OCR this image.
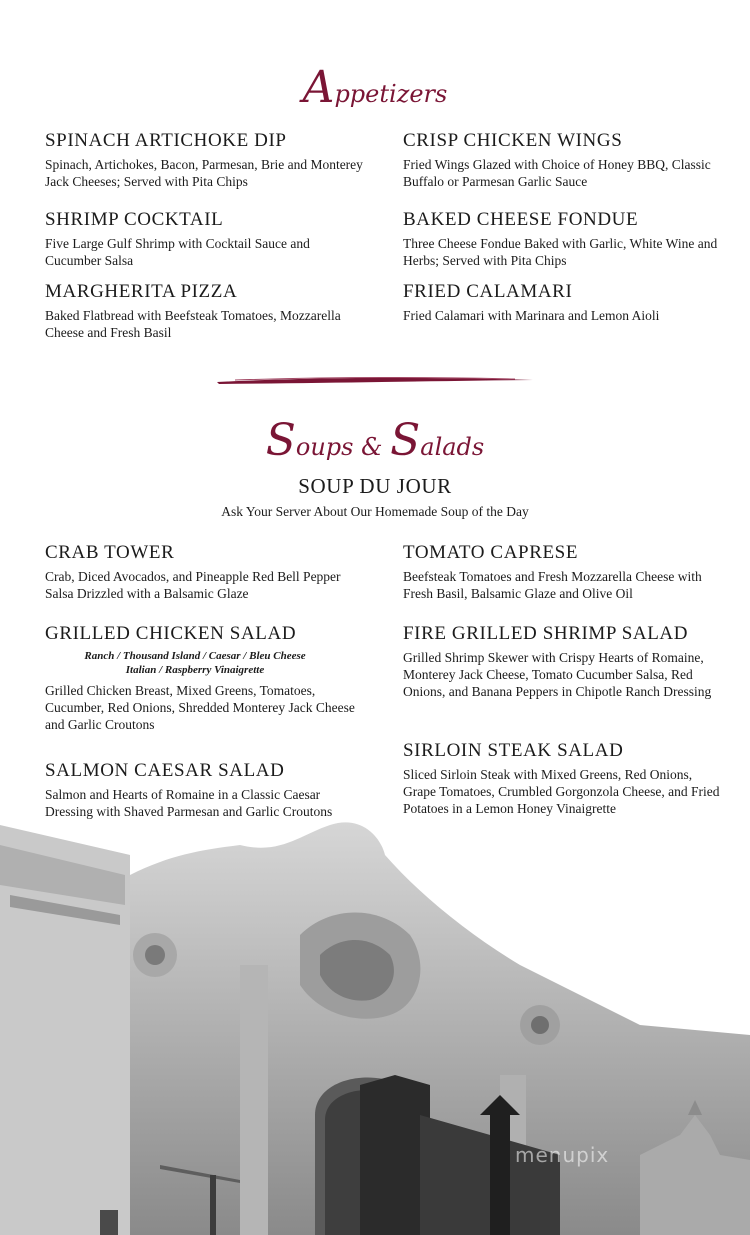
Appetizers

SPINACH ARTICHOKE DIP

Spinach, Artichokes, Bacon, Parmesan, Brie and Monterey Jack Cheeses; Served with Pita Chips

CRISP CHICKEN WINGS

Fried Wings Glazed with Choice of Honey BBQ, Classic Buffalo or Parmesan Garlic Sauce

SHRIMP COCKTAIL

Five Large Gulf Shrimp with Cocktail Sauce and Cucumber Salsa

BAKED CHEESE FONDUE

Three Cheese Fondue Baked with Garlic, White Wine and Herbs; Served with Pita Chips

MARGHERITA PIZZA

Baked Flatbread with Beefsteak Tomatoes, Mozzarella Cheese and Fresh Basil

FRIED CALAMARI

Fried Calamari with Marinara and Lemon Aioli

Soups & Salads

SOUP DU JOUR

Ask Your Server About Our Homemade Soup of the Day

CRAB TOWER

Crab, Diced Avocados, and Pineapple Red Bell Pepper Salsa Drizzled with a Balsamic Glaze

TOMATO CAPRESE

Beefsteak Tomatoes and Fresh Mozzarella Cheese with Fresh Basil, Balsamic Glaze and Olive Oil

GRILLED CHICKEN SALAD

Ranch / Thousand Island / Caesar / Bleu Cheese
Italian / Raspberry Vinaigrette

Grilled Chicken Breast, Mixed Greens, Tomatoes, Cucumber, Red Onions, Shredded Monterey Jack Cheese and Garlic Croutons

FIRE GRILLED SHRIMP SALAD

Grilled Shrimp Skewer with Crispy Hearts of Romaine, Monterey Jack Cheese, Tomato Cucumber Salsa, Red Onions, and Banana Peppers in Chipotle Ranch Dressing

SALMON CAESAR SALAD

Salmon and Hearts of Romaine in a Classic Caesar Dressing with Shaved Parmesan and Garlic Croutons

SIRLOIN STEAK SALAD

Sliced Sirloin Steak with Mixed Greens, Red Onions, Grape Tomatoes, Crumbled Gorgonzola Cheese, and Fried Potatoes in a Lemon Honey Vinaigrette

menupix
